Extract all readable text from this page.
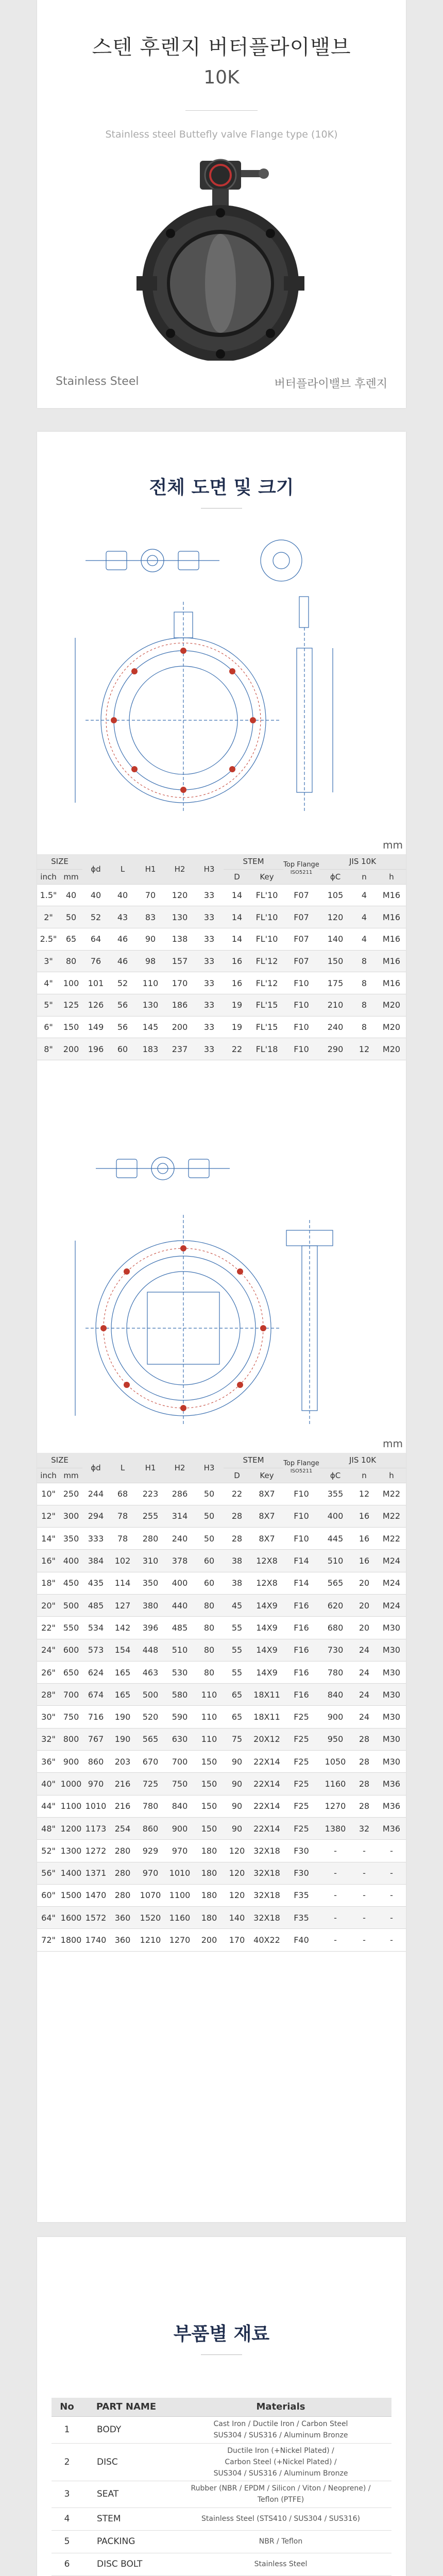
스텐 후렌지 버터플라이밸브
10K
Stainless steel Buttefly valve Flange type (10K)
Stainless Steel	버터플라이밸브 후렌지
전체 도면 및 크기
mm
SIZE		ϕd	L	H1	H2	H3	STEM		Top Flange
ISO5211	JIS 10K		
inch	mm						D	Key		ϕC	n	h
1.5"	40	40	40	70	120	33	14	FL'10	F07	105	4	M16
2"	50	52	43	83	130	33	14	FL'10	F07	120	4	M16
2.5"	65	64	46	90	138	33	14	FL'10	F07	140	4	M16
3"	80	76	46	98	157	33	16	FL'12	F07	150	8	M16
4"	100	101	52	110	170	33	16	FL'12	F10	175	8	M16
5"	125	126	56	130	186	33	19	FL'15	F10	210	8	M20
6"	150	149	56	145	200	33	19	FL'15	F10	240	8	M20
8"	200	196	60	183	237	33	22	FL'18	F10	290	12	M20
mm
SIZE		ϕd	L	H1	H2	H3	STEM		Top Flange
ISO5211	JIS 10K		
inch	mm						D	Key		ϕC	n	h
10"	250	244	68	223	286	50	22	8X7	F10	355	12	M22
12"	300	294	78	255	314	50	28	8X7	F10	400	16	M22
14"	350	333	78	280	240	50	28	8X7	F10	445	16	M22
16"	400	384	102	310	378	60	38	12X8	F14	510	16	M24
18"	450	435	114	350	400	60	38	12X8	F14	565	20	M24
20"	500	485	127	380	440	80	45	14X9	F16	620	20	M24
22"	550	534	142	396	485	80	55	14X9	F16	680	20	M30
24"	600	573	154	448	510	80	55	14X9	F16	730	24	M30
26"	650	624	165	463	530	80	55	14X9	F16	780	24	M30
28"	700	674	165	500	580	110	65	18X11	F16	840	24	M30
30"	750	716	190	520	590	110	65	18X11	F25	900	24	M30
32"	800	767	190	565	630	110	75	20X12	F25	950	28	M30
36"	900	860	203	670	700	150	90	22X14	F25	1050	28	M30
40"	1000	970	216	725	750	150	90	22X14	F25	1160	28	M36
44"	1100	1010	216	780	840	150	90	22X14	F25	1270	28	M36
48"	1200	1173	254	860	900	150	90	22X14	F25	1380	32	M36
52"	1300	1272	280	929	970	180	120	32X18	F30	-	-	-
56"	1400	1371	280	970	1010	180	120	32X18	F30	-	-	-
60"	1500	1470	280	1070	1100	180	120	32X18	F35	-	-	-
64"	1600	1572	360	1520	1160	180	140	32X18	F35	-	-	-
72"	1800	1740	360	1210	1270	200	170	40X22	F40	-	-	-
부품별 재료
No	PART NAME	Materials
1	BODY	Cast Iron / Ductile Iron / Carbon Steel
SUS304 / SUS316 / Aluminum Bronze

2	DISC	Ductile Iron (+Nickel Plated) /
Carbon Steel (+Nickel Plated) /
SUS304 / SUS316 / Aluminum Bronze

3	SEAT	Rubber (NBR / EPDM / Silicon / Viton / Neoprene) /
Teflon (PTFE)

4	STEM	Stainless Steel (STS410 / SUS304 / SUS316)

5	PACKING	NBR / Teflon

6	DISC BOLT	Stainless Steel
